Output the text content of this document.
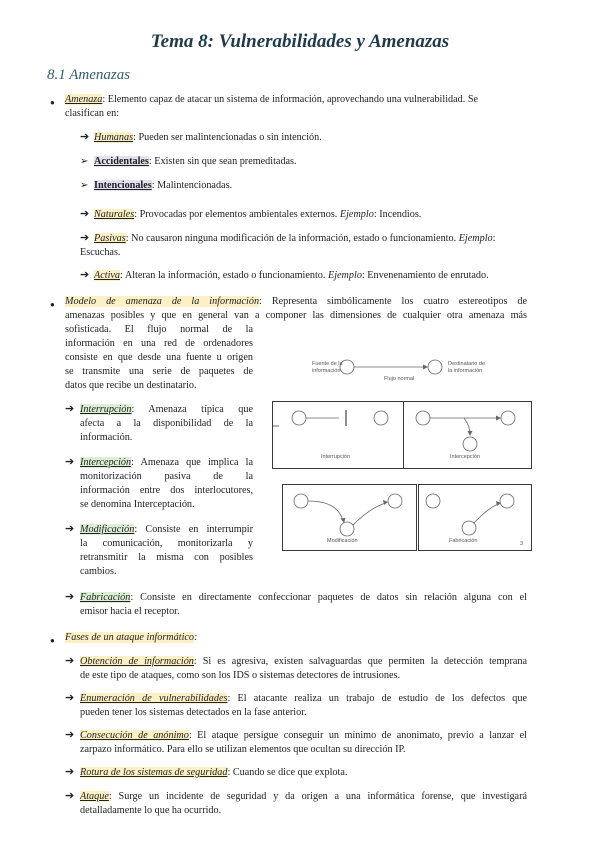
Tema 8: Vulnerabilidades y Amenazas
8.1 Amenazas
● Amenaza: Elemento capaz de atacar un sistema de información, aprovechando una vulnerabilidad. Se
clasifican en:
➔ Humanas: Pueden ser malintencionadas o sin intención.
➢ Accidentales: Existen sin que sean premeditadas.
➢ Intencionales: Malintencionadas.
➔ Naturales: Provocadas por elementos ambientales externos. Ejemplo: Incendios.
➔ Pasivas: No causaron ninguna modificación de la información, estado o funcionamiento. Ejemplo:
Escuchas.
➔ Activa: Alteran la información, estado o funcionamiento. Ejemplo: Envenenamiento de enrutado.
● Modelo de amenaza de la información: Representa simbólicamente los cuatro estereotipos de
amenazas posibles y que en general van a componer las dimensiones de cualquier otra amenaza más
sofisticada. El flujo normal de la
información en una red de ordenadores
consiste en que desde una fuente u origen
se transmite una serie de paquetes de
datos que recibe un destinatario.
➔ Interrupción: Amenaza típica que
afecta a la disponibilidad de la
información.
➔ Intercepción: Amenaza que implica la
monitorización pasiva de la
información entre dos interlocutores,
se denomina Interceptación.
➔ Modificación: Consiste en interrumpir
la comunicación, monitorizarla y
retransmitir la misma con posibles
cambios.
➔ Fabricación: Consiste en directamente confeccionar paquetes de datos sin relación alguna con el
emisor hacia el receptor.
Fuente de la
información
Destinatario de
la información
Flujo normal
Interrupción	Intercepción
Modificación	Fabricación	3
● Fases de un ataque informático:
➔ Obtención de información: Si es agresiva, existen salvaguardas que permiten la detección temprana
de este tipo de ataques, como son los IDS o sistemas detectores de intrusiones.
➔ Enumeración de vulnerabilidades: El atacante realiza un trabajo de estudio de los defectos que
pueden tener los sistemas detectados en la fase anterior.
➔ Consecución de anónimo: El ataque persigue conseguir un mínimo de anonimato, previo a lanzar el
zarpazo informático. Para ello se utilizan elementos que ocultan su dirección IP.
➔ Rotura de los sistemas de seguridad: Cuando se dice que explota.
➔ Ataque: Surge un incidente de seguridad y da origen a una informática forense, que investigará
detalladamente lo que ha ocurrido.
